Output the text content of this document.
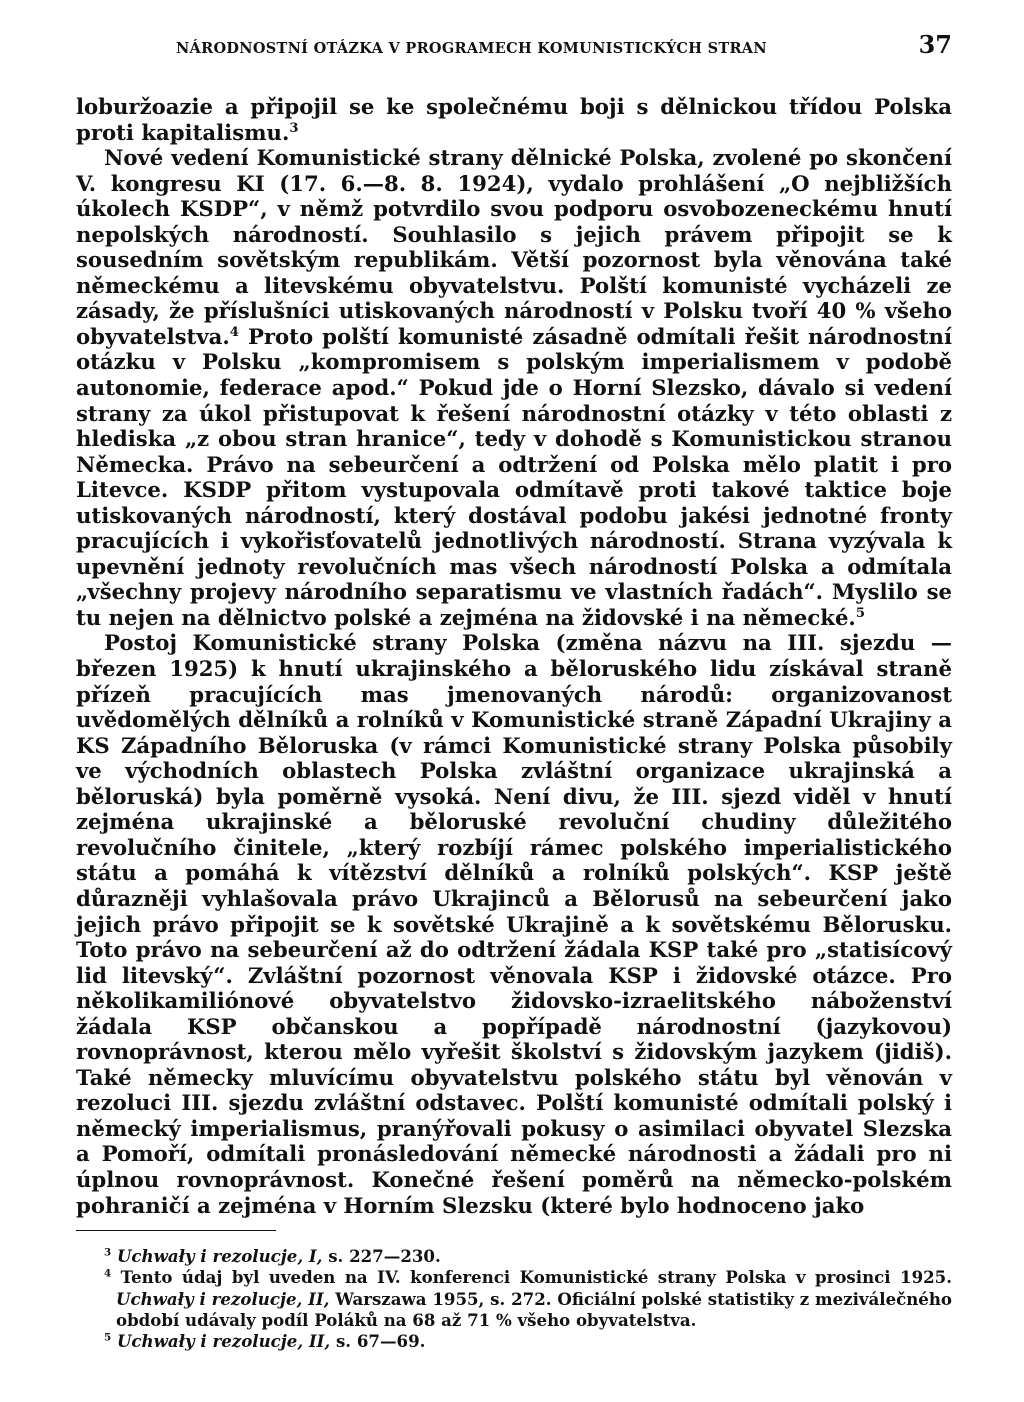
NÁRODNOSTNÍ OTÁZKA V PROGRAMECH KOMUNISTICKÝCH STRAN	37

loburžoazie a připojil se ke společnému boji s dělnickou třídou Polska proti kapitalismu.$^3$

Nové vedení Komunistické strany dělnické Polska, zvolené po skončení V. kongresu KI (17. 6.—8. 8. 1924), vydalo prohlášení „O nejbližších úkolech KSDP“, v němž potvrdilo svou podporu osvobozeneckému hnutí nepolských národností. Souhlasilo s jejich právem připojit se k sousedním sovětským republikám. Větší pozornost byla věnována také německému a litevskému obyvatelstvu. Polští komunisté vycházeli ze zásady, že příslušníci utiskovaných národností v Polsku tvoří 40 % všeho obyvatelstva.$^4$ Proto polští komunisté zásadně odmítali řešit národnostní otázku v Polsku „kompromisem s polským imperialismem v podobě autonomie, federace apod.“ Pokud jde o Horní Slezsko, dávalo si vedení strany za úkol přistupovat k řešení národnostní otázky v této oblasti z hlediska „z obou stran hranice“, tedy v dohodě s Komunistickou stranou Německa. Právo na sebeurčení a odtržení od Polska mělo platit i pro Litevce. KSDP přitom vystupovala odmítavě proti takové taktice boje utiskovaných národností, který dostával podobu jakési jednotné fronty pracujících i vykořisťovatelů jednotlivých národností. Strana vyzývala k upevnění jednoty revolučních mas všech národností Polska a odmítala „všechny projevy národního separatismu ve vlastních řadách“. Myslilo se tu nejen na dělnictvo polské a zejména na židovské i na německé.$^5$

Postoj Komunistické strany Polska (změna názvu na III. sjezdu — březen 1925) k hnutí ukrajinského a běloruského lidu získával straně přízeň pracujících mas jmenovaných národů: organizovanost uvědomělých dělníků a rolníků v Komunistické straně Západní Ukrajiny a KS Západního Běloruska (v rámci Komunistické strany Polska působily ve východních oblastech Polska zvláštní organizace ukrajinská a běloruská) byla poměrně vysoká. Není divu, že III. sjezd viděl v hnutí zejména ukrajinské a běloruské revoluční chudiny důležitého revolučního činitele, „který rozbíjí rámec polského imperialistického státu a pomáhá k vítězství dělníků a rolníků polských“. KSP ještě důrazněji vyhlašovala právo Ukrajinců a Bělorusů na sebeurčení jako jejich právo připojit se k sovětské Ukrajině a k sovětskému Bělorusku. Toto právo na sebeurčení až do odtržení žádala KSP také pro „statisícový lid litevský“. Zvláštní pozornost věnovala KSP i židovské otázce. Pro několikamiliónové obyvatelstvo židovsko-izraelitského náboženství žádala KSP občanskou a popřípadě národnostní (jazykovou) rovnoprávnost, kterou mělo vyřešit školství s židovským jazykem (jidiš). Také německy mluvícímu obyvatelstvu polského státu byl věnován v rezoluci III. sjezdu zvláštní odstavec. Polští komunisté odmítali polský i německý imperialismus, pranýřovali pokusy o asimilaci obyvatel Slezska a Pomoří, odmítali pronásledování německé národnosti a žádali pro ni úplnou rovnoprávnost. Konečné řešení poměrů na německo-polském pohraničí a zejména v Horním Slezsku (které bylo hodnoceno jako

$^3$ Uchwały i rezolucje, I, s. 227—230.
$^4$ Tento údaj byl uveden na IV. konferenci Komunistické strany Polska v prosinci 1925. Uchwały i rezolucje, II, Warszawa 1955, s. 272. Oficiální polské statistiky z meziválečného období udávaly podíl Poláků na 68 až 71 % všeho obyvatelstva.
$^5$ Uchwały i rezolucje, II, s. 67—69.
